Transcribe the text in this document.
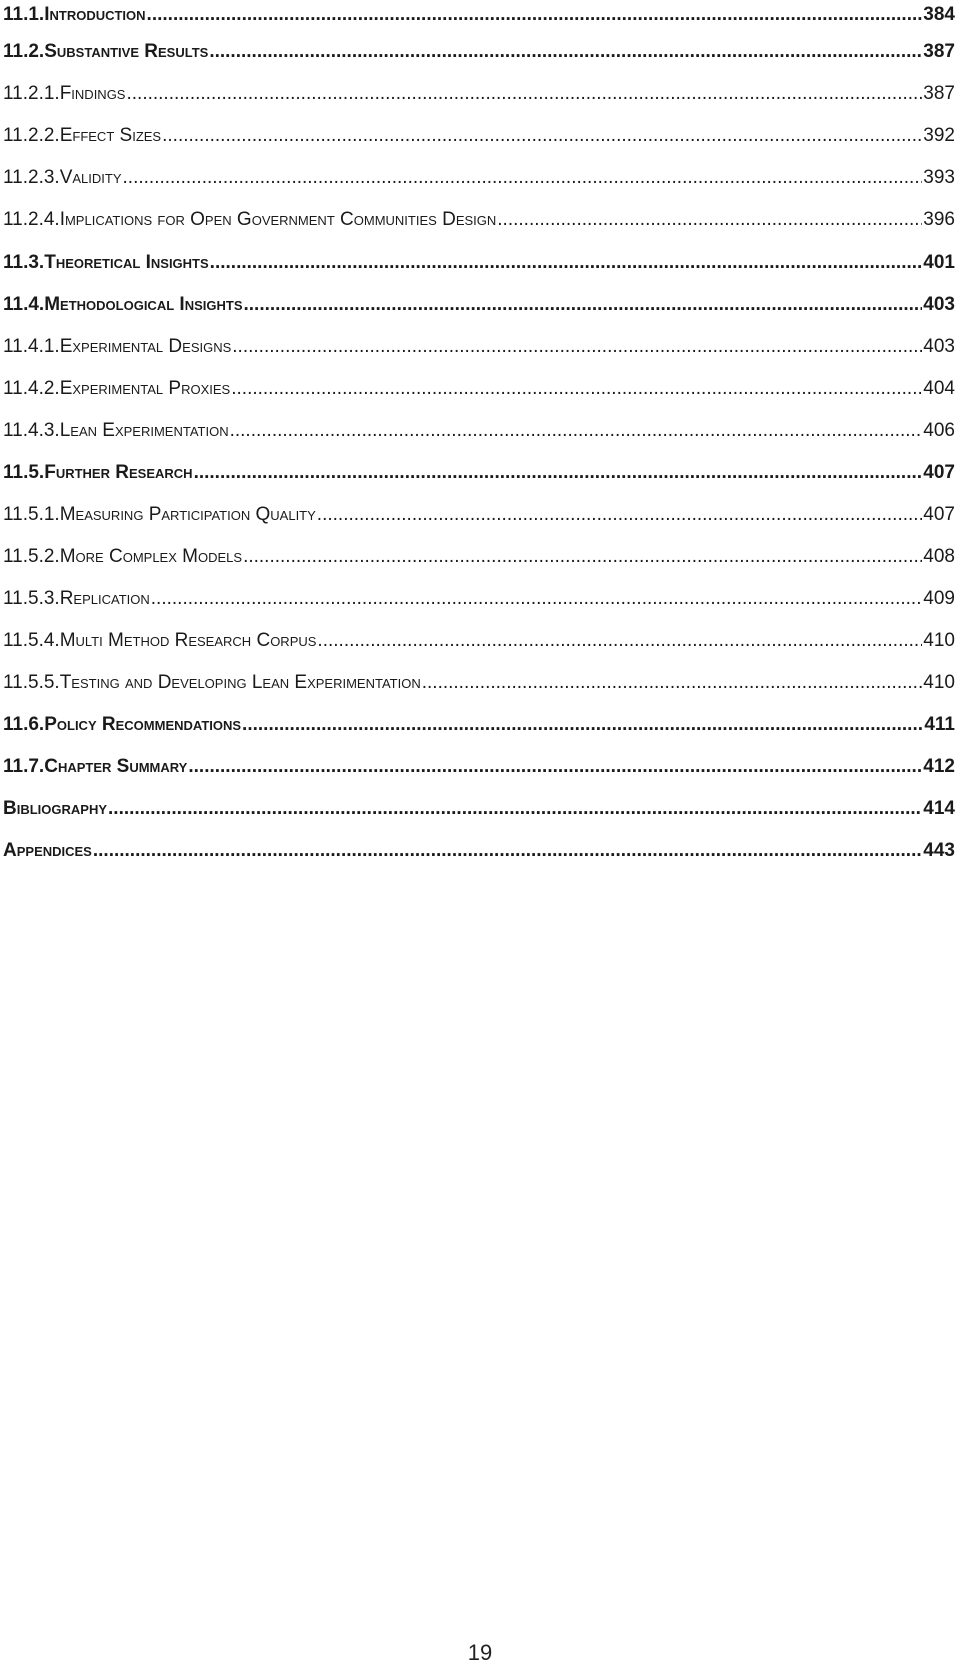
11.1. Introduction .....	384
11.2. Substantive Results .....	387
11.2.1. Findings .....	387
11.2.2. Effect Sizes .....	392
11.2.3. Validity .....	393
11.2.4. Implications for Open Government Communities Design .....	396
11.3. Theoretical Insights .....	401
11.4. Methodological Insights .....	403
11.4.1. Experimental Designs .....	403
11.4.2. Experimental Proxies .....	404
11.4.3. Lean Experimentation .....	406
11.5. Further Research .....	407
11.5.1. Measuring Participation Quality .....	407
11.5.2. More Complex Models .....	408
11.5.3. Replication .....	409
11.5.4. Multi Method Research Corpus .....	410
11.5.5. Testing and Developing Lean Experimentation .....	410
11.6. Policy Recommendations .....	411
11.7. Chapter Summary .....	412
Bibliography .....	414
Appendices .....	443
19
